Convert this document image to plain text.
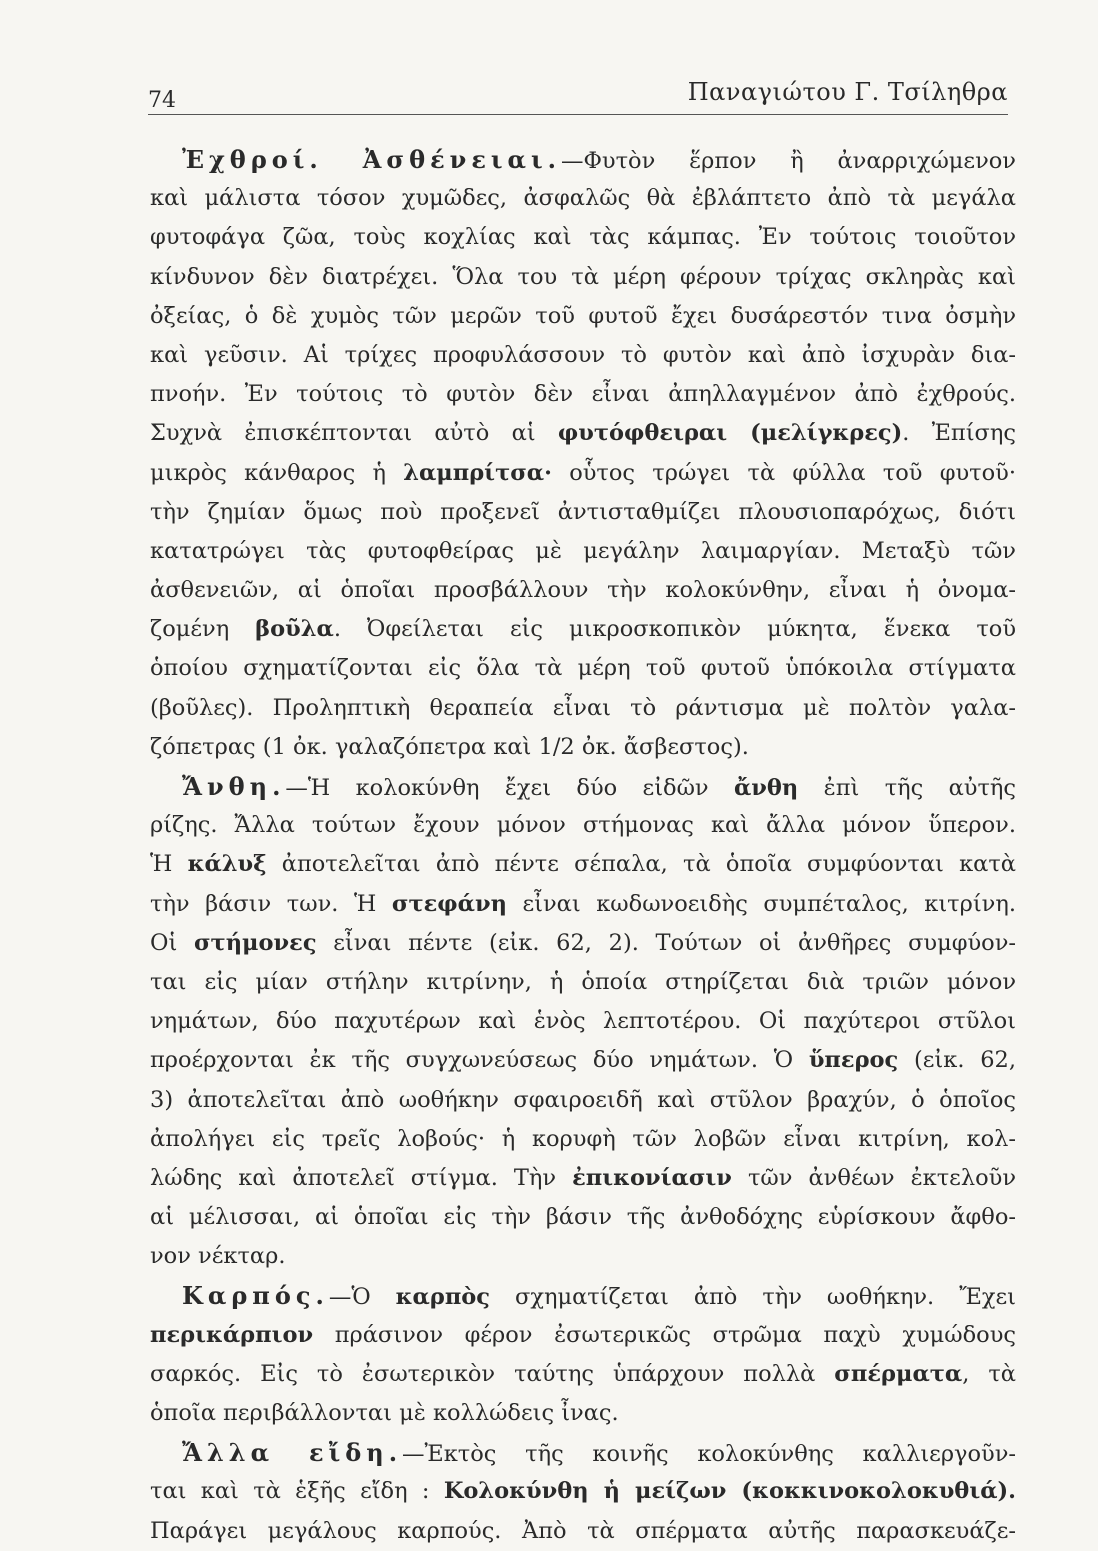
74	Παναγιώτου Γ. Τσίληθρα
Ἐχθροί. Ἀσθένειαι.—Φυτὸν ἕρπον ἢ ἀναρριχώμενον
καὶ μάλιστα τόσον χυμῶδες, ἀσφαλῶς θὰ ἐβλάπτετο ἀπὸ τὰ μεγάλα
φυτοφάγα ζῶα, τοὺς κοχλίας καὶ τὰς κάμπας. Ἐν τούτοις τοιοῦτον
κίνδυνον δὲν διατρέχει. Ὅλα του τὰ μέρη φέρουν τρίχας σκληρὰς καὶ
ὀξείας, ὁ δὲ χυμὸς τῶν μερῶν τοῦ φυτοῦ ἔχει δυσάρεστόν τινα ὀσμὴν
καὶ γεῦσιν. Αἱ τρίχες προφυλάσσουν τὸ φυτὸν καὶ ἀπὸ ἰσχυρὰν δια-
πνοήν. Ἐν τούτοις τὸ φυτὸν δὲν εἶναι ἀπηλλαγμένον ἀπὸ ἐχθρούς.
Συχνὰ ἐπισκέπτονται αὐτὸ αἱ φυτόφθειραι (μελίγκρες). Ἐπίσης
μικρὸς κάνθαρος ἡ λαμπρίτσα· οὗτος τρώγει τὰ φύλλα τοῦ φυτοῦ·
τὴν ζημίαν ὅμως ποὺ προξενεῖ ἀντισταθμίζει πλουσιοπαρόχως, διότι
κατατρώγει τὰς φυτοφθείρας μὲ μεγάλην λαιμαργίαν. Μεταξὺ τῶν
ἀσθενειῶν, αἱ ὁποῖαι προσβάλλουν τὴν κολοκύνθην, εἶναι ἡ ὀνομα-
ζομένη βοῦλα. Ὀφείλεται εἰς μικροσκοπικὸν μύκητα, ἕνεκα τοῦ
ὁποίου σχηματίζονται εἰς ὅλα τὰ μέρη τοῦ φυτοῦ ὑπόκοιλα στίγματα
(βοῦλες). Προληπτικὴ θεραπεία εἶναι τὸ ράντισμα μὲ πολτὸν γαλα-
ζόπετρας (1 ὀκ. γαλαζόπετρα καὶ 1/2 ὀκ. ἄσβεστος).
Ἄνθη.—Ἡ κολοκύνθη ἔχει δύο εἰδῶν ἄνθη ἐπὶ τῆς αὐτῆς
ρίζης. Ἄλλα τούτων ἔχουν μόνον στήμονας καὶ ἄλλα μόνον ὕπερον.
Ἡ κάλυξ ἀποτελεῖται ἀπὸ πέντε σέπαλα, τὰ ὁποῖα συμφύονται κατὰ
τὴν βάσιν των. Ἡ στεφάνη εἶναι κωδωνοειδὴς συμπέταλος, κιτρίνη.
Οἱ στήμονες εἶναι πέντε (εἰκ. 62, 2). Τούτων οἱ ἀνθῆρες συμφύον-
ται εἰς μίαν στήλην κιτρίνην, ἡ ὁποία στηρίζεται διὰ τριῶν μόνον
νημάτων, δύο παχυτέρων καὶ ἑνὸς λεπτοτέρου. Οἱ παχύτεροι στῦλοι
προέρχονται ἐκ τῆς συγχωνεύσεως δύο νημάτων. Ὁ ὕπερος (εἰκ. 62,
3) ἀποτελεῖται ἀπὸ ωοθήκην σφαιροειδῆ καὶ στῦλον βραχύν, ὁ ὁποῖος
ἀπολήγει εἰς τρεῖς λοβούς· ἡ κορυφὴ τῶν λοβῶν εἶναι κιτρίνη, κολ-
λώδης καὶ ἀποτελεῖ στίγμα. Τὴν ἐπικονίασιν τῶν ἀνθέων ἐκτελοῦν
αἱ μέλισσαι, αἱ ὁποῖαι εἰς τὴν βάσιν τῆς ἀνθοδόχης εὑρίσκουν ἄφθο-
νον νέκταρ.
Καρπός.—Ὁ καρπὸς σχηματίζεται ἀπὸ τὴν ωοθήκην. Ἔχει
περικάρπιον πράσινον φέρον ἐσωτερικῶς στρῶμα παχὺ χυμώδους
σαρκός. Εἰς τὸ ἐσωτερικὸν ταύτης ὑπάρχουν πολλὰ σπέρματα, τὰ
ὁποῖα περιβάλλονται μὲ κολλώδεις ἶνας.
Ἄλλα εἴδη.—Ἐκτὸς τῆς κοινῆς κολοκύνθης καλλιεργοῦν-
ται καὶ τὰ ἑξῆς εἴδη : Κολοκύνθη ἡ μείζων (κοκκινοκολοκυθιά).
Παράγει μεγάλους καρπούς. Ἀπὸ τὰ σπέρματα αὐτῆς παρασκευάζε-
